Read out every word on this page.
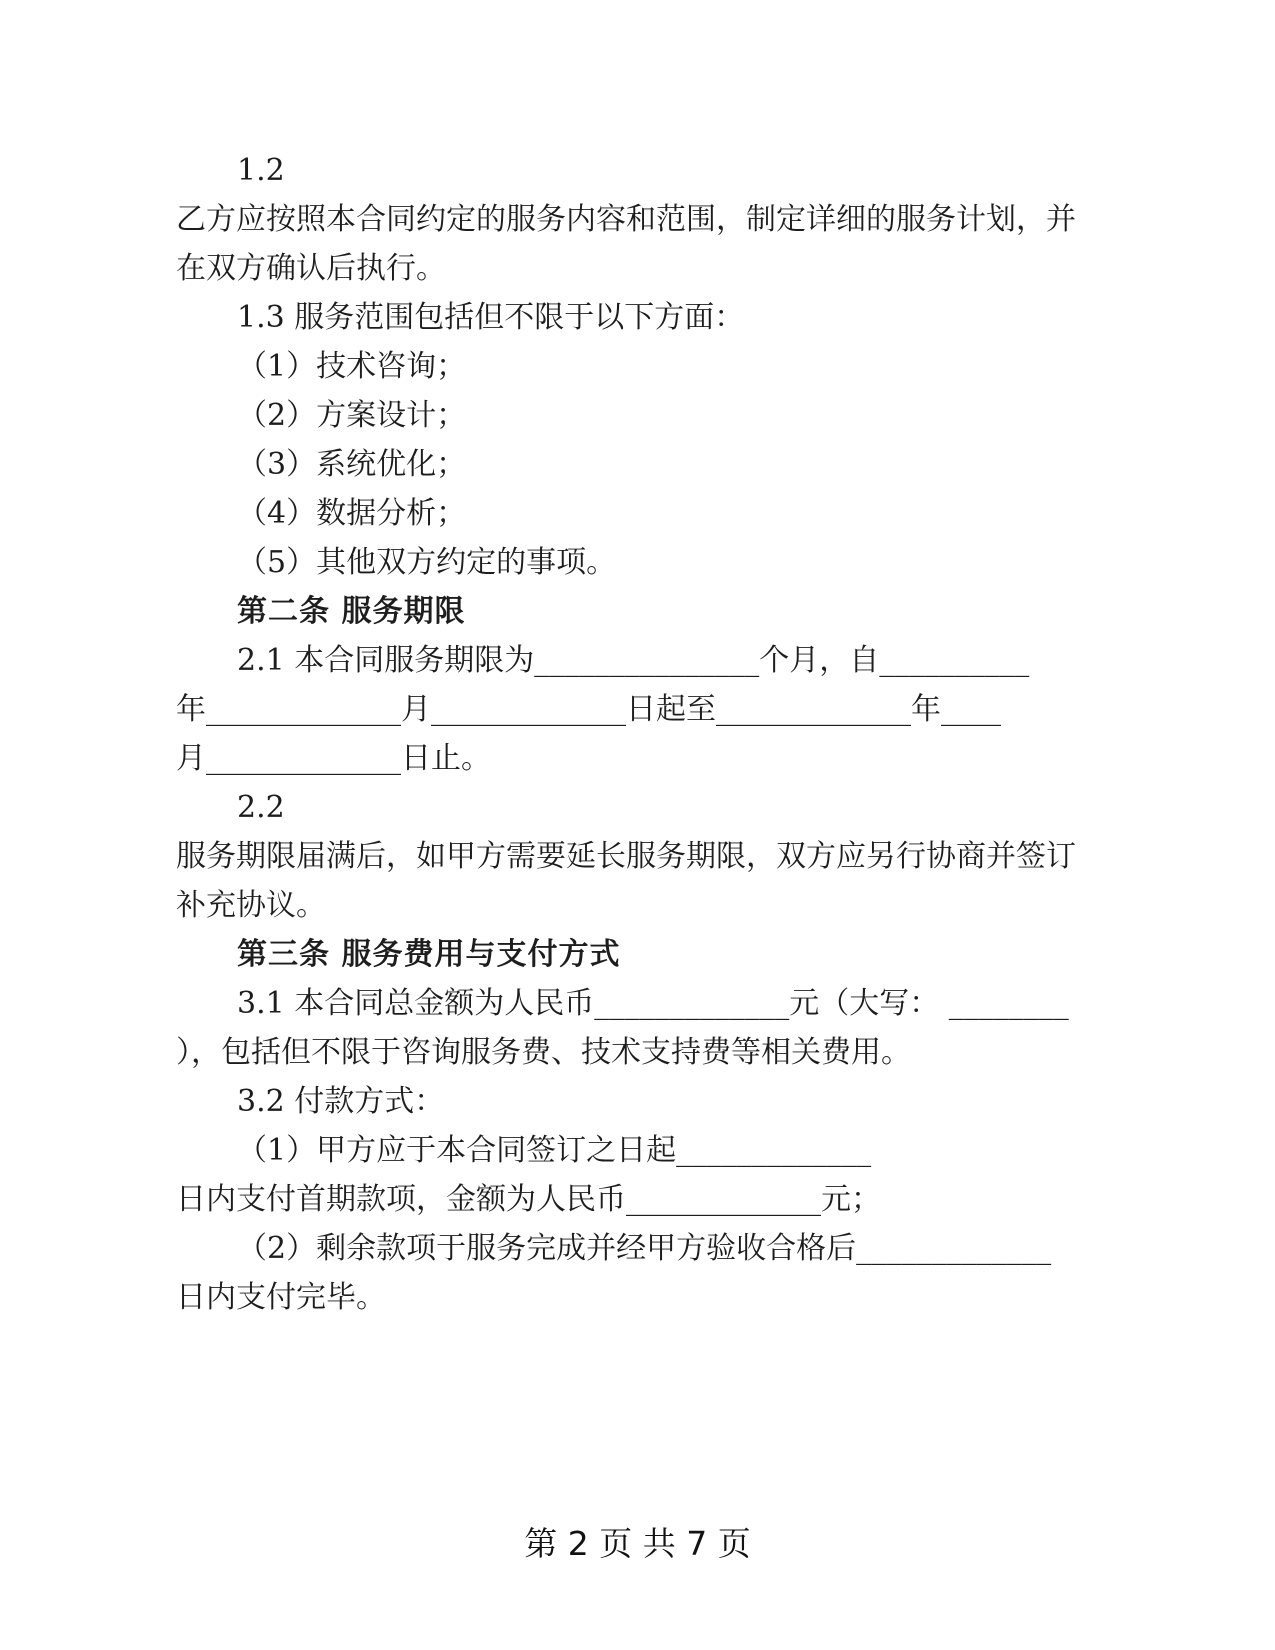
1.2
乙方应按照本合同约定的服务内容和范围，制定详细的服务计划，并
在双方确认后执行。
1.3 服务范围包括但不限于以下方面：
（1）技术咨询；
（2）方案设计；
（3）系统优化；
（4）数据分析；
（5）其他双方约定的事项。
第二条 服务期限
2.1 本合同服务期限为_______________个月，自__________
年_____________月_____________日起至_____________年____
月_____________日止。
2.2
服务期限届满后，如甲方需要延长服务期限，双方应另行协商并签订
补充协议。
第三条 服务费用与支付方式
3.1 本合同总金额为人民币_____________元（大写： ________
），包括但不限于咨询服务费、技术支持费等相关费用。
3.2 付款方式：
（1）甲方应于本合同签订之日起_____________
日内支付首期款项，金额为人民币_____________元；
（2）剩余款项于服务完成并经甲方验收合格后_____________
日内支付完毕。
第 2 页 共 7 页
